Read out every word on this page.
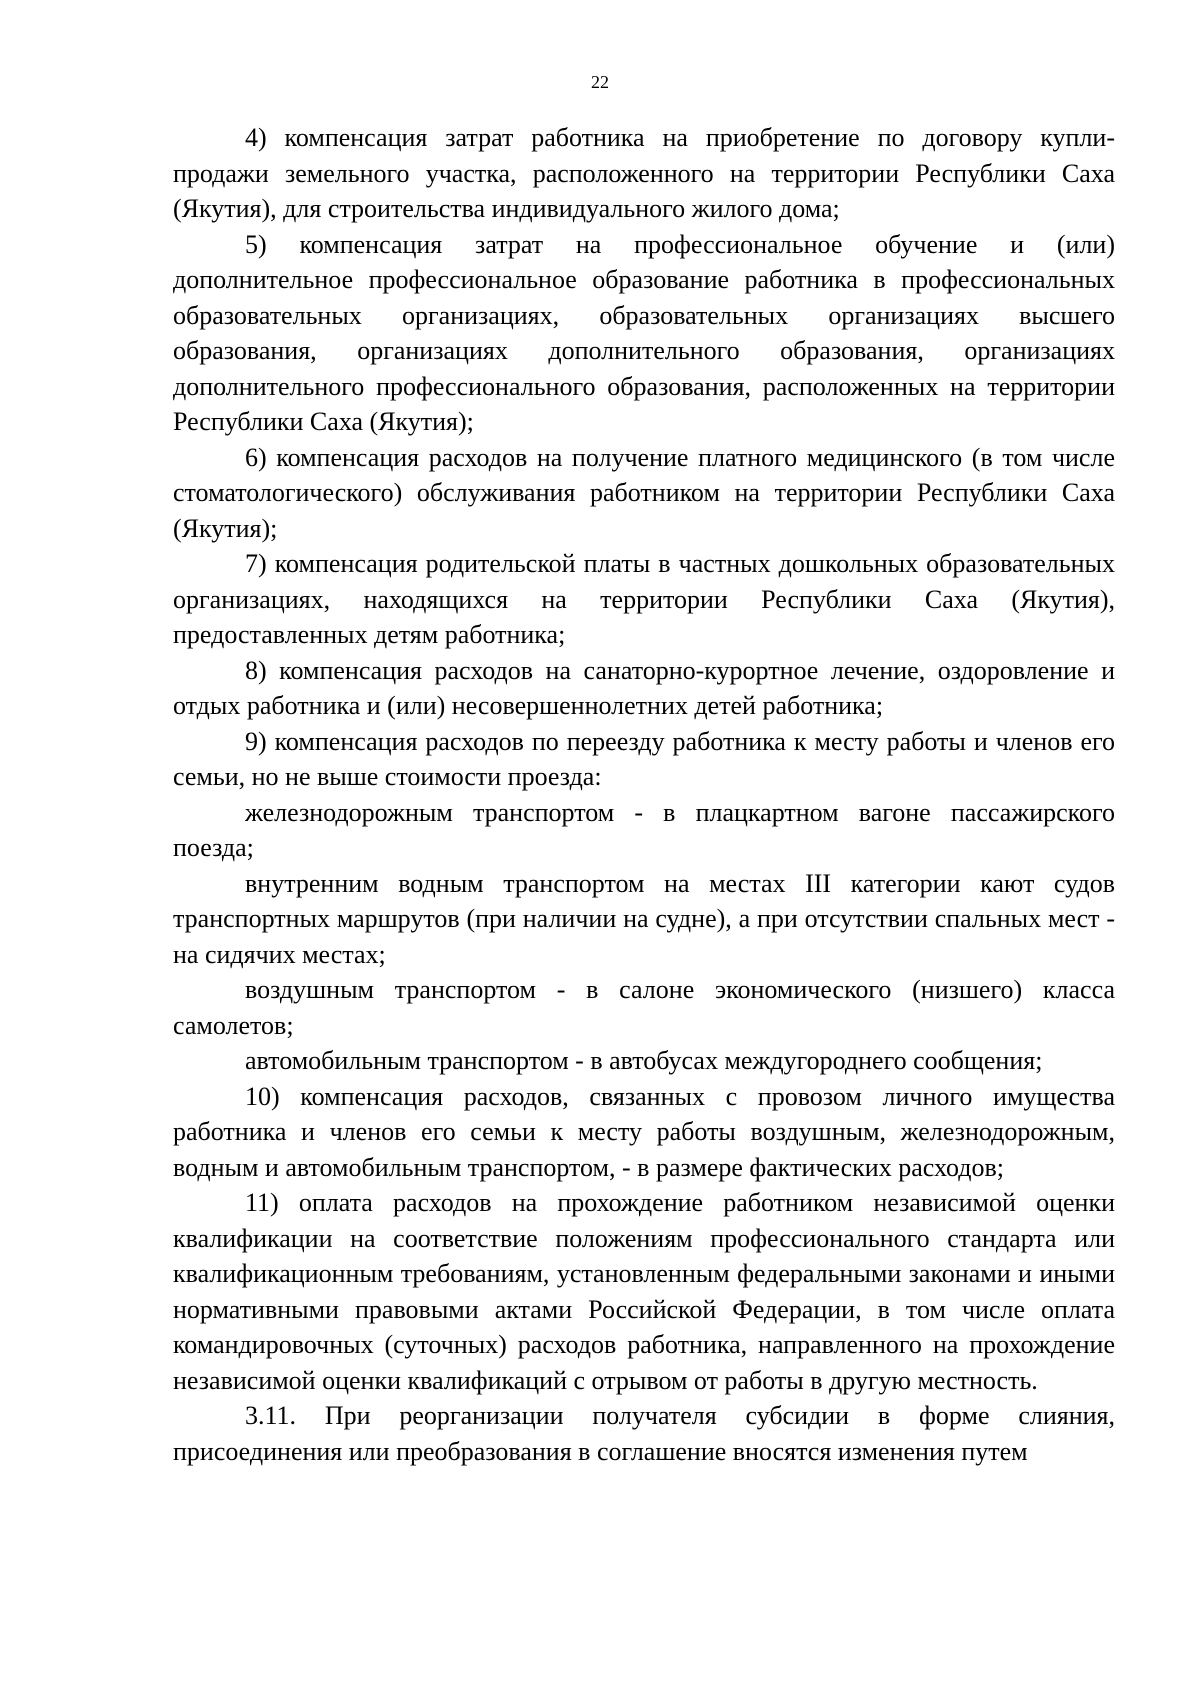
22

4) компенсация затрат работника на приобретение по договору купли-продажи земельного участка, расположенного на территории Республики Саха (Якутия), для строительства индивидуального жилого дома;

5) компенсация затрат на профессиональное обучение и (или) дополнительное профессиональное образование работника в профессиональных образовательных организациях, образовательных организациях высшего образования, организациях дополнительного образования, организациях дополнительного профессионального образования, расположенных на территории Республики Саха (Якутия);

6) компенсация расходов на получение платного медицинского (в том числе стоматологического) обслуживания работником на территории Республики Саха (Якутия);

7) компенсация родительской платы в частных дошкольных образовательных организациях, находящихся на территории Республики Саха (Якутия), предоставленных детям работника;

8) компенсация расходов на санаторно-курортное лечение, оздоровление и отдых работника и (или) несовершеннолетних детей работника;

9) компенсация расходов по переезду работника к месту работы и членов его семьи, но не выше стоимости проезда:

железнодорожным транспортом - в плацкартном вагоне пассажирского поезда;

внутренним водным транспортом на местах III категории кают судов транспортных маршрутов (при наличии на судне), а при отсутствии спальных мест - на сидячих местах;

воздушным транспортом - в салоне экономического (низшего) класса самолетов;

автомобильным транспортом - в автобусах междугороднего сообщения;

10) компенсация расходов, связанных с провозом личного имущества работника и членов его семьи к месту работы воздушным, железнодорожным, водным и автомобильным транспортом, - в размере фактических расходов;

11) оплата расходов на прохождение работником независимой оценки квалификации на соответствие положениям профессионального стандарта или квалификационным требованиям, установленным федеральными законами и иными нормативными правовыми актами Российской Федерации, в том числе оплата командировочных (суточных) расходов работника, направленного на прохождение независимой оценки квалификаций с отрывом от работы в другую местность.

3.11. При реорганизации получателя субсидии в форме слияния, присоединения или преобразования в соглашение вносятся изменения путем
